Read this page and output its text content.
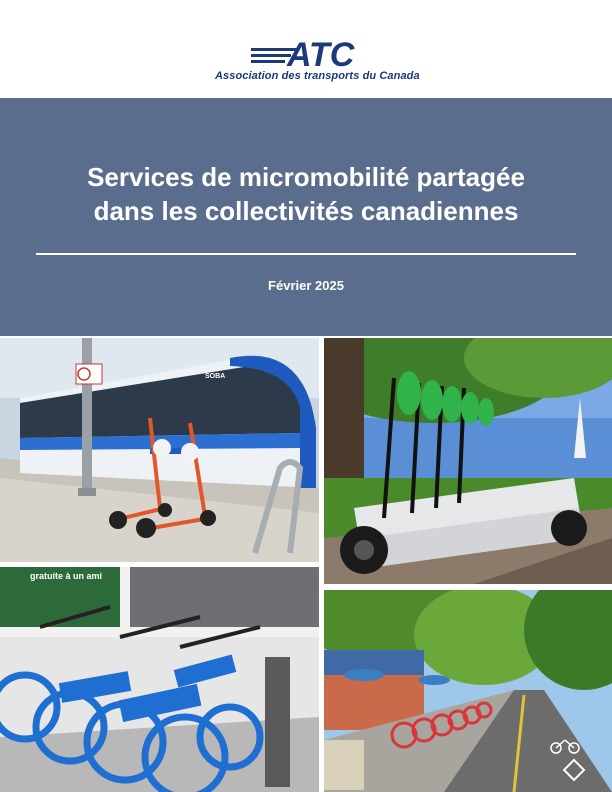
ATC
Association des transports du Canada
Services de micromobilité partagée
dans les collectivités canadiennes
Février 2025
SOBA
gratuite à un ami
